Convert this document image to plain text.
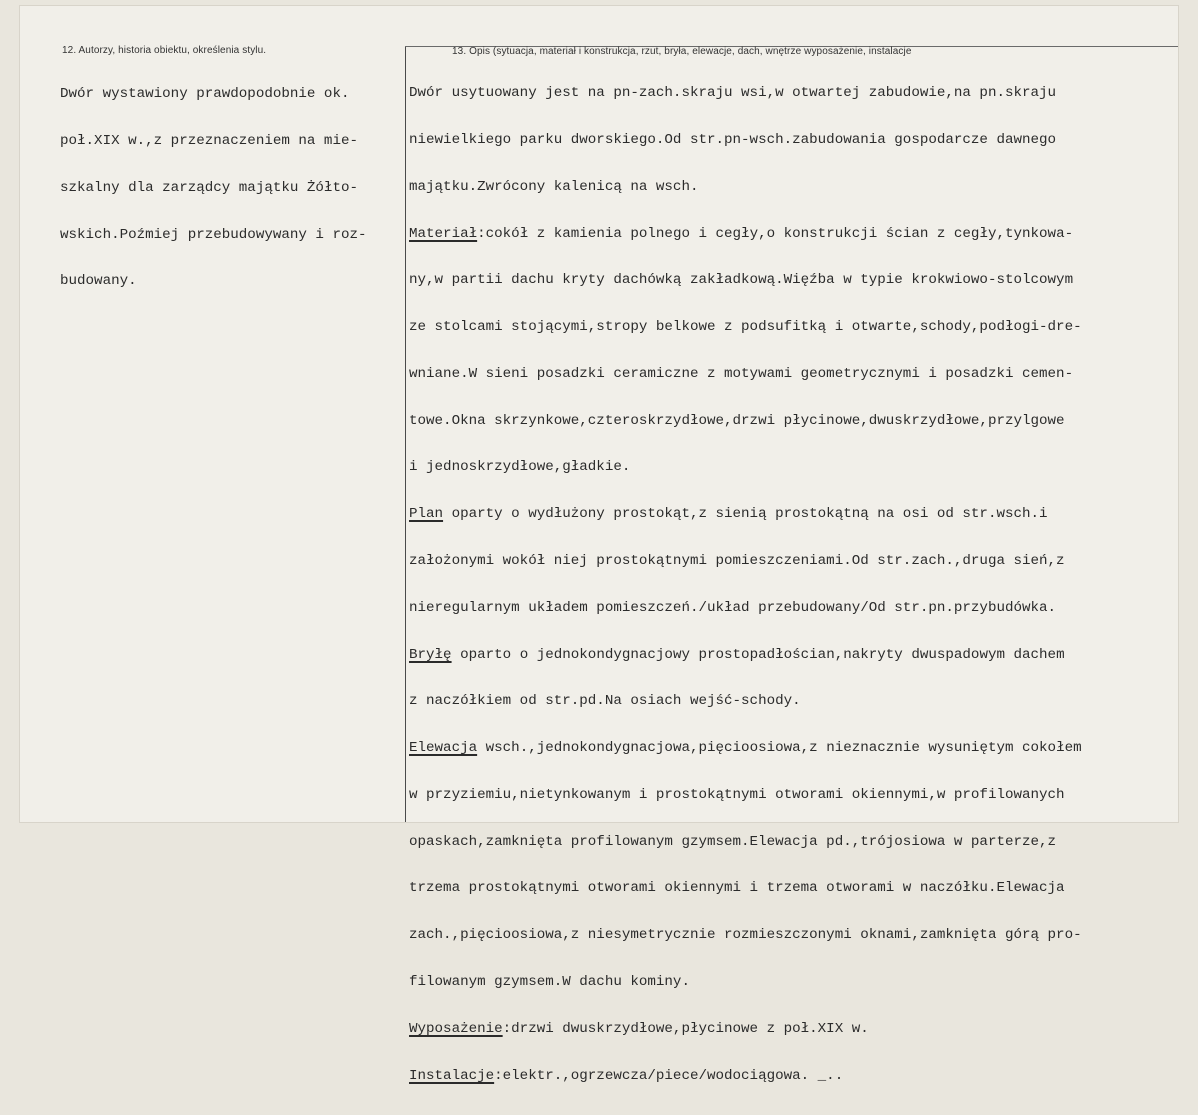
12. Autorzy, historia obiektu, określenia stylu.	13. Opis (sytuacja, materiał i konstrukcja, rzut, bryła, elewacje, dach, wnętrze wyposażenie, instalacje

Dwór wystawiony prawdopodobnie ok.

poł.XIX w.,z przeznaczeniem na mie-

szkalny dla zarządcy majątku Żółto-

wskich.Poźmiej przebudowywany i roz-

budowany.

Dwór usytuowany jest na pn-zach.skraju wsi,w otwartej zabudowie,na pn.skraju

niewielkiego parku dworskiego.Od str.pn-wsch.zabudowania gospodarcze dawnego

majątku.Zwrócony kalenicą na wsch.

Materiał:cokół z kamienia polnego i cegły,o konstrukcji ścian z cegły,tynkowa-

ny,w partii dachu kryty dachówką zakładkową.Więźba w typie krokwiowo-stolcowym

ze stolcami stojącymi,stropy belkowe z podsufitką i otwarte,schody,podłogi-dre-

wniane.W sieni posadzki ceramiczne z motywami geometrycznymi i posadzki cemen-

towe.Okna skrzynkowe,czteroskrzydłowe,drzwi płycinowe,dwuskrzydłowe,przylgowe

i jednoskrzydłowe,gładkie.

Plan oparty o wydłużony prostokąt,z sienią prostokątną na osi od str.wsch.i

założonymi wokół niej prostokątnymi pomieszczeniami.Od str.zach.,druga sień,z

nieregularnym układem pomieszczeń./układ przebudowany/Od str.pn.przybudówka.

Bryłę oparto o jednokondygnacjowy prostopadłościan,nakryty dwuspadowym dachem

z naczółkiem od str.pd.Na osiach wejść-schody.

Elewacja wsch.,jednokondygnacjowa,pięcioosiowa,z nieznacznie wysuniętym cokołem

w przyziemiu,nietynkowanym i prostokątnymi otworami okiennymi,w profilowanych

opaskach,zamknięta profilowanym gzymsem.Elewacja pd.,trójosiowa w parterze,z

trzema prostokątnymi otworami okiennymi i trzema otworami w naczółku.Elewacja

zach.,pięcioosiowa,z niesymetrycznie rozmieszczonymi oknami,zamknięta górą pro-

filowanym gzymsem.W dachu kominy.

Wyposażenie:drzwi dwuskrzydłowe,płycinowe z poł.XIX w.

Instalacje:elektr.,ogrzewcza/piece/wodociągowa. _..
